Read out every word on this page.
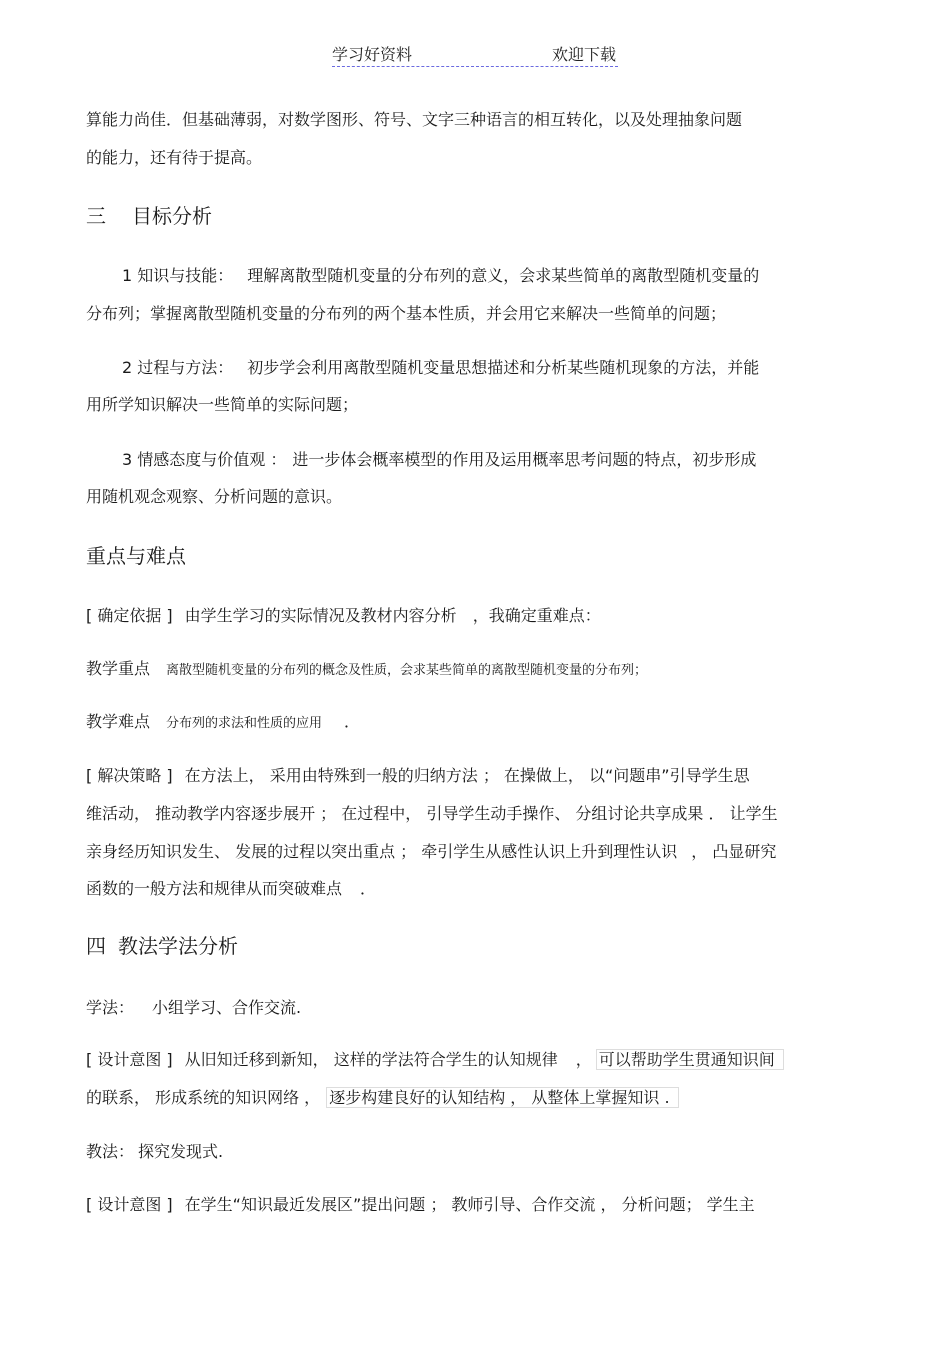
学习好资料	欢迎下载
算能力尚佳．但基础薄弱，对数学图形、符号、文字三种语言的相互转化，以及处理抽象问题
的能力，还有待于提高。
三 目标分析
1 知识与技能： 理解离散型随机变量的分布列的意义，会求某些简单的离散型随机变量的
分布列；掌握离散型随机变量的分布列的两个基本性质，并会用它来解决一些简单的问题；
2 过程与方法： 初步学会利用离散型随机变量思想描述和分析某些随机现象的方法，并能
用所学知识解决一些简单的实际问题；
3 情感态度与价值观 ： 进一步体会概率模型的作用及运用概率思考问题的特点，初步形成
用随机观念观察、分析问题的意识。
重点与难点
[ 确定依据 ] 由学生学习的实际情况及教材内容分析 ，我确定重难点：
教学重点 离散型随机变量的分布列的概念及性质，会求某些简单的离散型随机变量的分布列；
教学难点 分布列的求法和性质的应用 ．
[ 解决策略 ] 在方法上， 采用由特殊到一般的归纳方法 ； 在操做上， 以“问题串”引导学生思
维活动， 推动教学内容逐步展开 ； 在过程中， 引导学生动手操作、 分组讨论共享成果 ． 让学生
亲身经历知识发生、 发展的过程以突出重点 ； 牵引学生从感性认识上升到理性认识 ， 凸显研究
函数的一般方法和规律从而突破难点 ．
四 教法学法分析
学法： 小组学习、合作交流.
[ 设计意图 ] 从旧知迁移到新知， 这样的学法符合学生的认知规律 ， 可以帮助学生贯通知识间
的联系， 形成系统的知识网络 ， 逐步构建良好的认知结构 ， 从整体上掌握知识 .
教法： 探究发现式.
[ 设计意图 ] 在学生“知识最近发展区”提出问题 ； 教师引导、合作交流 ， 分析问题； 学生主
